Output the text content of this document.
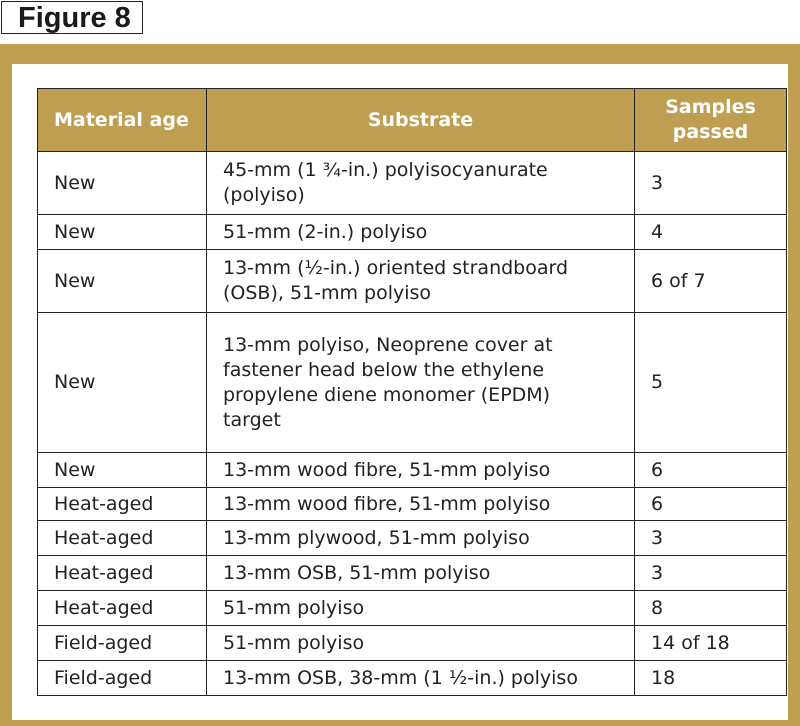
Figure 8
Material age	Substrate	Samples passed
New	45-mm (1 ¾-in.) polyisocyanurate (polyiso)	3
New	51-mm (2-in.) polyiso	4
New	13-mm (½-in.) oriented strandboard (OSB), 51-mm polyiso	6 of 7
New	13-mm polyiso, Neoprene cover at fastener head below the ethylene propylene diene monomer (EPDM) target	5
New	13-mm wood fibre, 51-mm polyiso	6
Heat-aged	13-mm wood fibre, 51-mm polyiso	6
Heat-aged	13-mm plywood, 51-mm polyiso	3
Heat-aged	13-mm OSB, 51-mm polyiso	3
Heat-aged	51-mm polyiso	8
Field-aged	51-mm polyiso	14 of 18
Field-aged	13-mm OSB, 38-mm (1 ½-in.) polyiso	18
